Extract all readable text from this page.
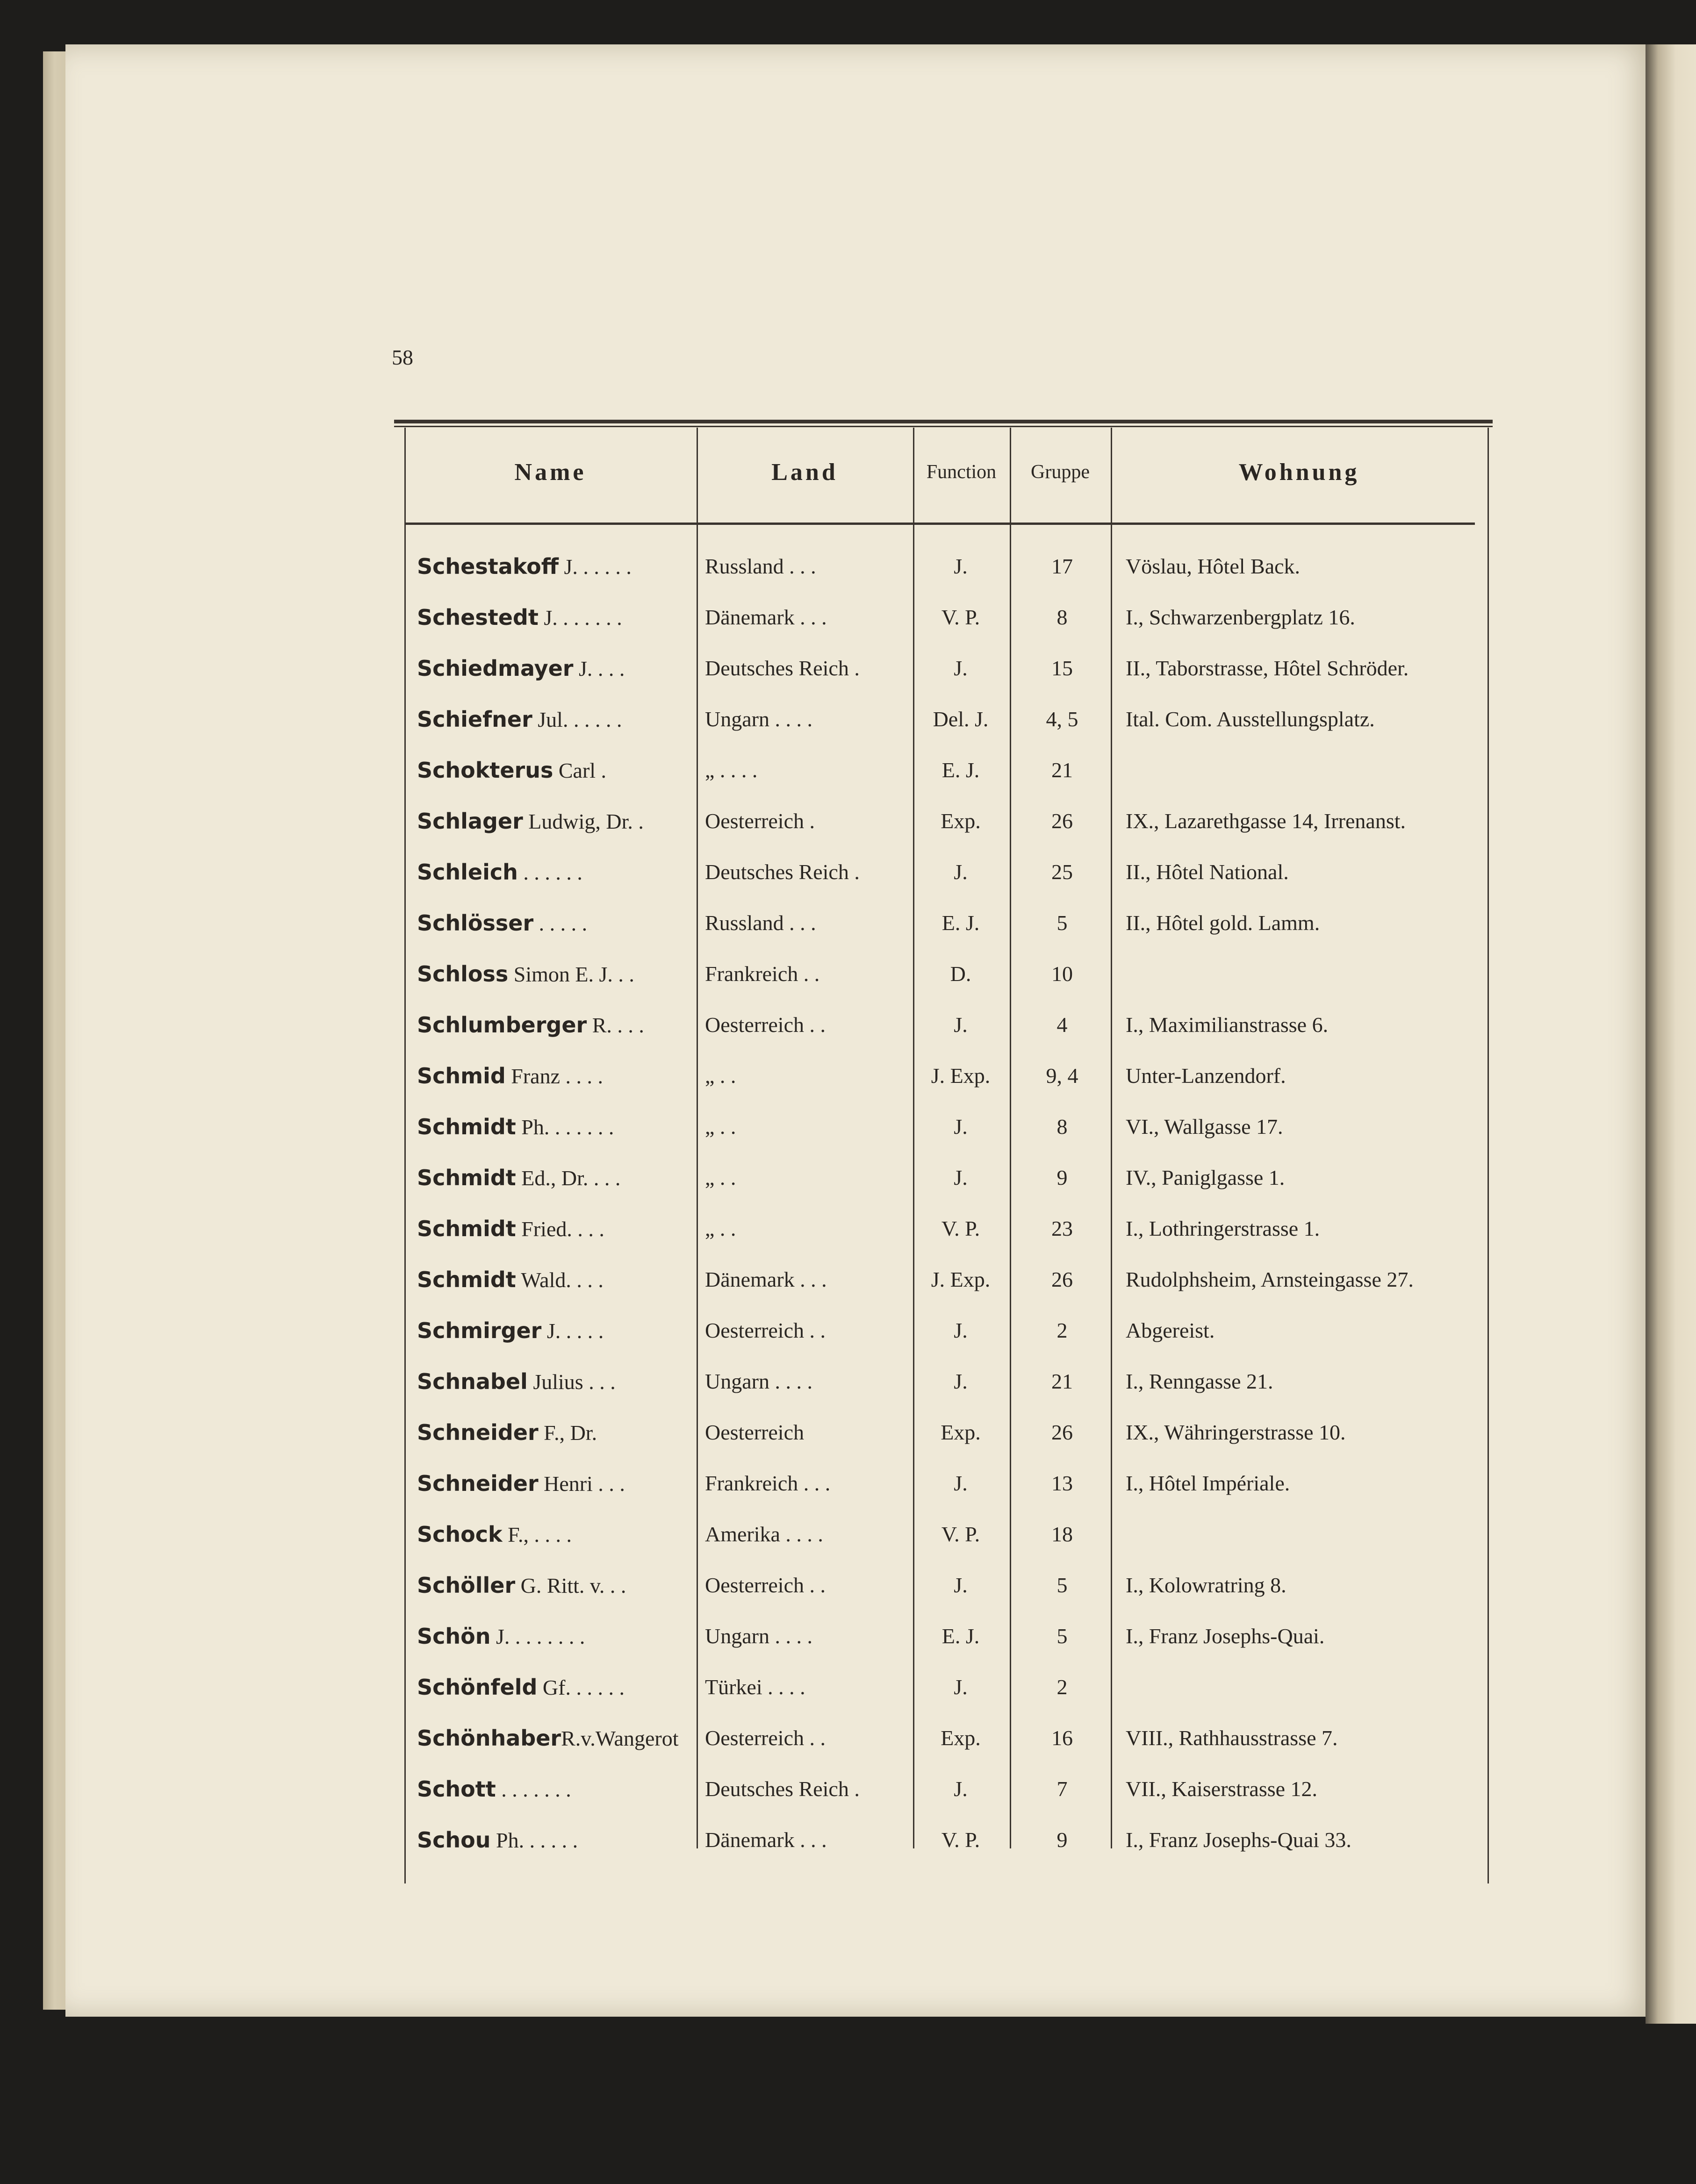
58
Name	Land	Function	Gruppe	Wohnung
Schestakoff J. . . . . .	Russland . . .	J.	17	Vöslau, Hôtel Back.
Schestedt J. . . . . . .	Dänemark . . .	V. P.	8	I., Schwarzenbergplatz 16.
Schiedmayer J. . . .	Deutsches Reich .	J.	15	II., Taborstrasse, Hôtel Schröder.
Schiefner Jul. . . . . .	Ungarn . . . .	Del. J.	4, 5	Ital. Com. Ausstellungsplatz.
Schokterus Carl .	„ . . . .	E. J.	21
Schlager Ludwig, Dr. .	Oesterreich .	Exp.	26	IX., Lazarethgasse 14, Irrenanst.
Schleich . . . . . .	Deutsches Reich .	J.	25	II., Hôtel National.
Schlösser . . . . .	Russland . . .	E. J.	5	II., Hôtel gold. Lamm.
Schloss Simon E. J. . .	Frankreich . .	D.	10
Schlumberger R. . . .	Oesterreich . .	J.	4	I., Maximilianstrasse 6.
Schmid Franz . . . .	„ . .	J. Exp.	9, 4	Unter-Lanzendorf.
Schmidt Ph. . . . . . .	„ . .	J.	8	VI., Wallgasse 17.
Schmidt Ed., Dr. . . .	„ . .	J.	9	IV., Paniglgasse 1.
Schmidt Fried. . . .	„ . .	V. P.	23	I., Lothringerstrasse 1.
Schmidt Wald. . . .	Dänemark . . .	J. Exp.	26	Rudolphsheim, Arnsteingasse 27.
Schmirger J. . . . .	Oesterreich . .	J.	2	Abgereist.
Schnabel Julius . . .	Ungarn . . . .	J.	21	I., Renngasse 21.
Schneider F., Dr.	Oesterreich	Exp.	26	IX., Währingerstrasse 10.
Schneider Henri . . .	Frankreich . . .	J.	13	I., Hôtel Impériale.
Schock F., . . . .	Amerika . . . .	V. P.	18
Schöller G. Ritt. v. . .	Oesterreich . .	J.	5	I., Kolowratring 8.
Schön J. . . . . . . .	Ungarn . . . .	E. J.	5	I., Franz Josephs-Quai.
Schönfeld Gf. . . . . .	Türkei . . . .	J.	2
SchönhaberR.v.Wangerot Oesterreich . .	Exp.	16	VIII., Rathhausstrasse 7.
Schott . . . . . . .	Deutsches Reich .	J.	7	VII., Kaiserstrasse 12.
Schou Ph. . . . . .	Dänemark . . .	V. P.	9	I., Franz Josephs-Quai 33.
